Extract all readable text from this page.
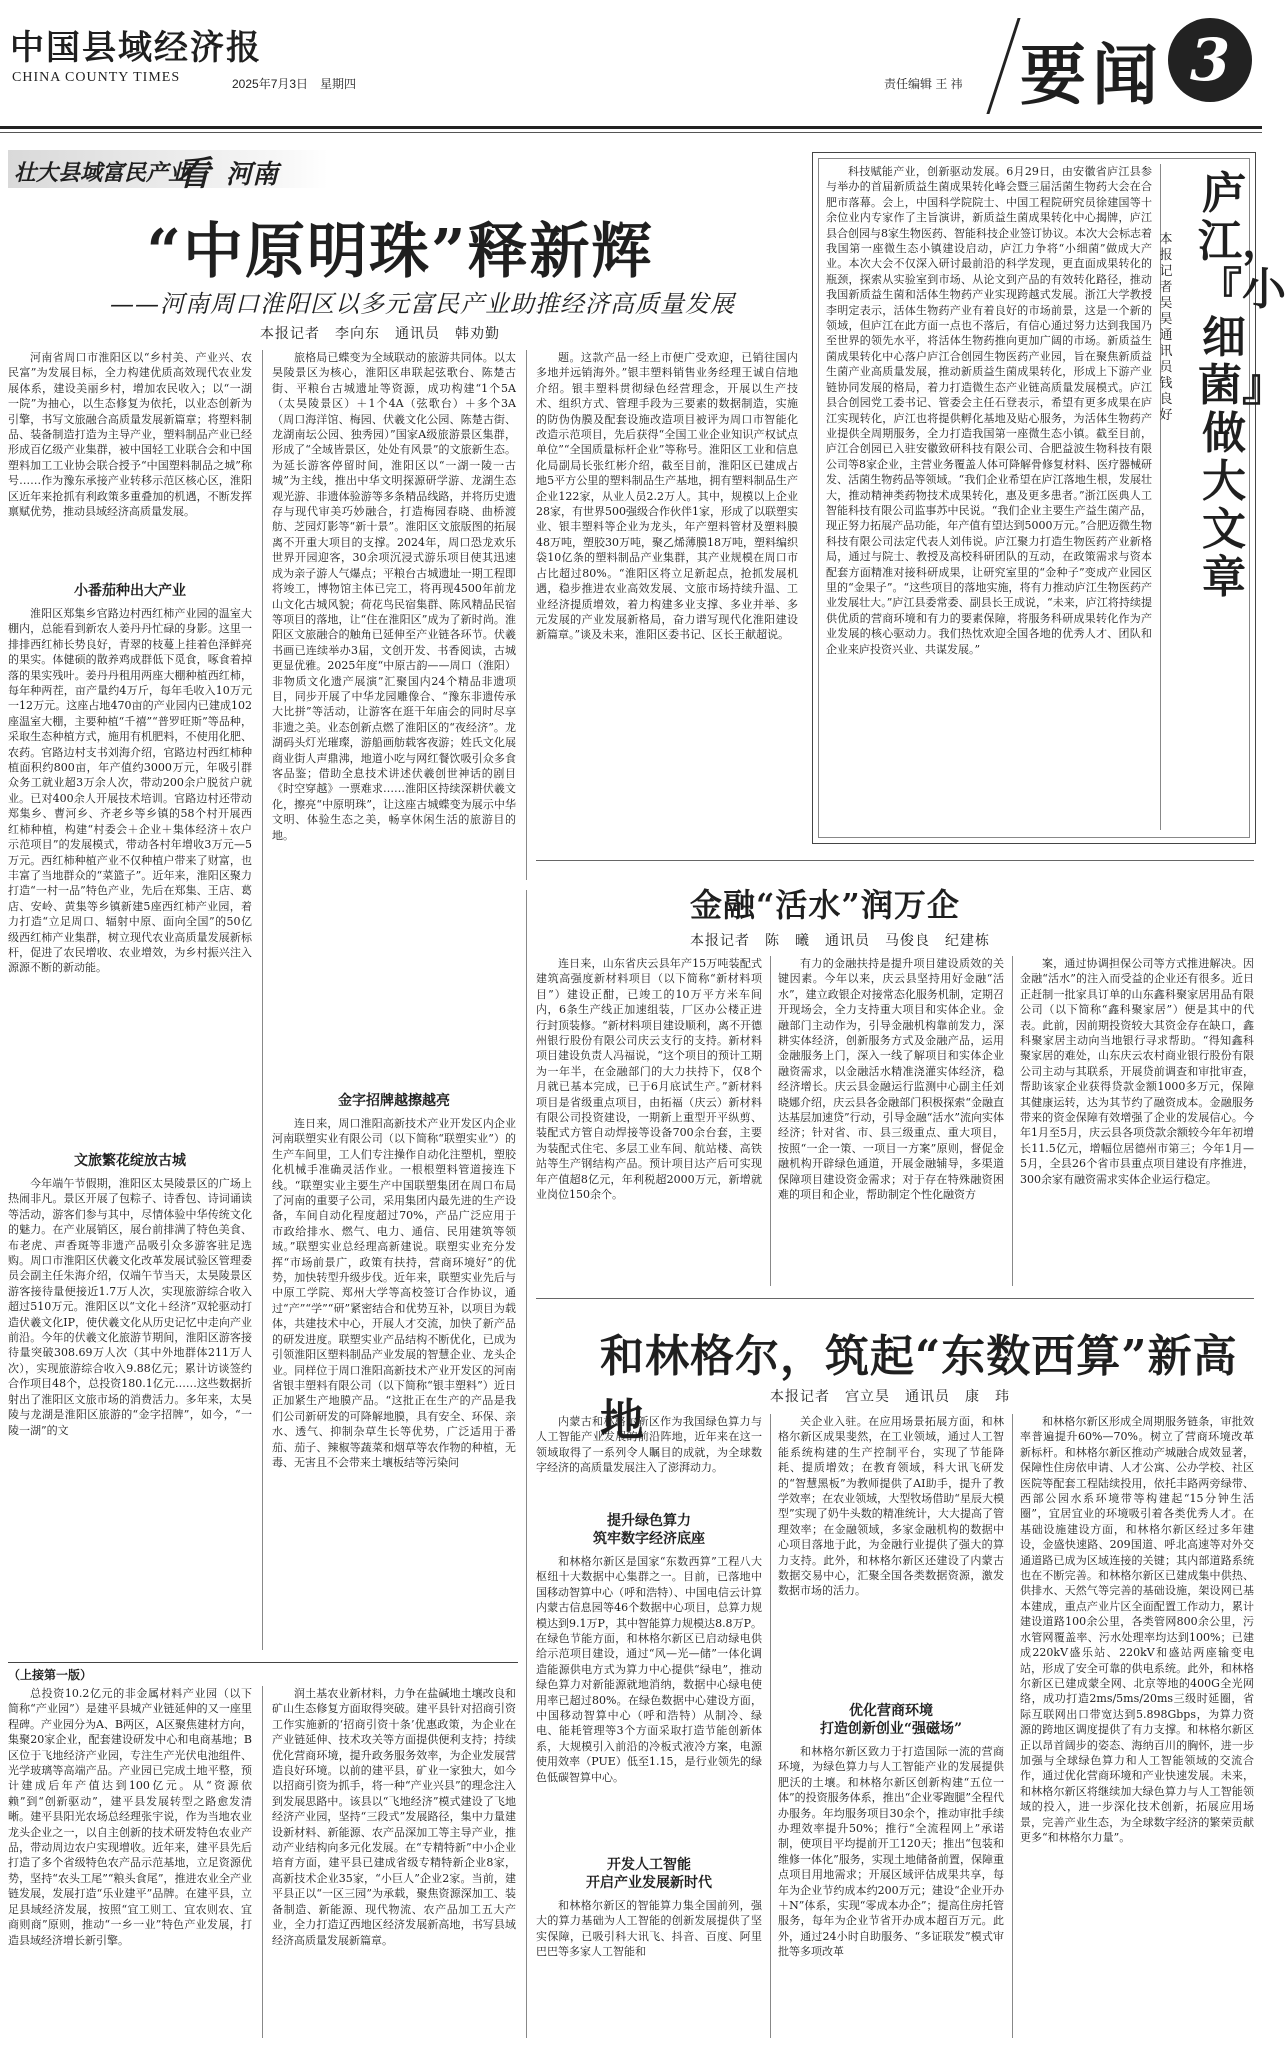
中国县域经济报
CHINA COUNTY TIMES	2025年7月3日　星期四	责任编辑 王 祎 要闻 3
壮大县域富民产业
看 河南
“中原明珠”释新辉
——河南周口淮阳区以多元富民产业助推经济高质量发展
本报记者　李向东　通讯员　韩劝勤
河南省周口市淮阳区以“乡村美、产业兴、农民富”为发展目标，全力构建优质高效现代农业发展体系，建设美丽乡村，增加农民收入；以“一湖一院”为抽心，以生态修复为依托，以业态创新为引擎，书写文旅融合高质量发展新篇章；将塑料制品、装备制造打造为主导产业，塑料制品产业已经形成百亿级产业集群，被中国轻工业联合会和中国塑料加工工业协会联合授予“中国塑料制品之城”称号……作为豫东承接产业转移示范区核心区，淮阳区近年来抢抓有利政策多重叠加的机遇，不断发挥禀赋优势，推动县域经济高质量发展。
小番茄种出大产业
淮阳区郑集乡官路边村西红柿产业园的温室大棚内，总能看到新农人姜丹丹忙碌的身影。这里一排排西红柿长势良好，青翠的枝蔓上挂着色泽鲜亮的果实。体健硕的散养鸡成群低下觅食，啄食着掉落的果实残叶。姜丹丹租用两座大棚种植西红柿，每年种两茬，亩产量约4万斤，每年毛收入10万元一12万元。这座占地470亩的产业园内已建成102座温室大棚，主要种植“千禧”“普罗旺斯”等品种，采取生态种植方式，施用有机肥料，不使用化肥、农药。官路边村支书刘海介绍，官路边村西红柿种植面积约800亩，年产值约3000万元，年吸引群众务工就业超3万余人次，带动200余户脱贫户就业。已对400余人开展技术培训。官路边村还带动郑集乡、曹河乡、齐老乡等乡镇的58个村开展西红柿种植，构建“村委会＋企业＋集体经济＋农户示范项目”的发展模式，带动各村年增收3万元—5万元。西红柿种植产业不仅种植户带来了财富，也丰富了当地群众的“菜篮子”。近年来，淮阳区聚力打造“一村一品”特色产业，先后在郑集、王店、葛店、安岭、黄集等乡镇新建5座西红柿产业园，着力打造“立足周口、辐射中原、面向全国”的50亿级西红柿产业集群，树立现代农业高质量发展新标杆，促进了农民增收、农业增效，为乡村振兴注入源源不断的新动能。
文旅繁花绽放古城
今年端午节假期，淮阳区太昊陵景区的广场上热闹非凡。景区开展了包粽子、诗香包、诗词诵读等活动，游客们参与其中，尽情体验中华传统文化的魅力。在产业展销区，展台前排满了特色美食、布老虎、声香斑等非遗产品吸引众多游客驻足选购。周口市淮阳区伏羲文化改革发展试验区管理委员会副主任朱海介绍，仅端午节当天，太昊陵景区游客接待量便接近1.7万人次，实现旅游综合收入超过510万元。淮阳区以“文化＋经济”双轮驱动打造伏羲文化IP，使伏羲文化从历史记忆中走向产业前沿。今年的伏羲文化旅游节期间，淮阳区游客接待量突破308.69万人次（其中外地群体211万人次），实现旅游综合收入9.88亿元；累计访谈签约合作项目48个，总投资180.1亿元……这些数据折射出了淮阳区文旅市场的消费活力。多年来，太昊陵与龙湖是淮阳区旅游的“金字招牌”，如今，“一陵一湖”的文
旅格局已蝶变为全域联动的旅游共同体。以太昊陵景区为核心，淮阳区串联起弦歌台、陈楚古街、平粮台古城遗址等资源，成功构建“1个5A（太昊陵景区）＋1个4A（弦歌台）＋多个3A（周口海洋馆、梅园、伏羲文化公园、陈楚古街、龙湖南坛公园、独秀园）”国家A级旅游景区集群，形成了“全域皆景区，处处有风景”的文旅新生态。为延长游客停留时间，淮阳区以“一湖一陵一古城”为主线，推出中华文明探源研学游、龙湖生态观光游、非遗体验游等多条精品线路，并将历史遗存与现代审美巧妙融合，打造梅园春晓、曲桥渡舫、芝园灯影等“新十景”。淮阳区文旅版图的拓展离不开重大项目的支撑。2024年，周口恐龙欢乐世界开园迎客，30余项沉浸式游乐项目使其迅速成为亲子游人气爆点；平粮台古城遗址一期工程即将竣工，博物馆主体已完工，将再现4500年前龙山文化古城风貌；荷花鸟民宿集群、陈风精品民宿等项目的落地，让“住在淮阳区”成为了新时尚。淮阳区文旅融合的触角已延伸至产业链各环节。伏羲书画已连续举办3届，文创开发、书香阅读，古城更显优雅。2025年度“中原古韵——周口（淮阳）非物质文化遗产展演”汇聚国内24个精品非遗项目，同步开展了中华龙园雕像合、“豫东非遗传承大比拼”等活动，让游客在逛干年庙会的同时尽享非遗之美。业态创新点燃了淮阳区的“夜经济”。龙湖码头灯光璀璨，游船画舫载客夜游；姓氏文化展商业街人声鼎沸，地道小吃与网红餐饮吸引众多食客品鉴；借助全息技术讲述伏羲创世神话的剧目《时空穿越》一票难求……淮阳区持续深耕伏羲文化，擦亮“中原明珠”，让这座古城蝶变为展示中华文明、体验生态之美，畅享休闲生活的旅游目的地。
金字招牌越擦越亮
连日来，周口淮阳高新技术产业开发区内企业河南联塑实业有限公司（以下简称“联塑实业”）的生产车间里，工人们专注操作自动化注塑机，塑胶化机械手准确灵活作业。一根根塑料管道接连下线。“联塑实业主要生产中国联塑集团在周口布局了河南的重要子公司，采用集团内最先进的生产设备，车间自动化程度超过70%，产品广泛应用于市政给排水、燃气、电力、通信、民用建筑等领域。”联塑实业总经理高新建说。联塑实业充分发挥“市场前景广，政策有扶持，营商环境好”的优势，加快转型升级步伐。近年来，联塑实业先后与中原工学院、郑州大学等高校签订合作协议，通过“产”“学”“研”紧密结合和优势互补，以项目为载体，共建技术中心，开展人才交流，加快了新产品的研发进度。联塑实业产品结构不断优化，已成为引领淮阳区塑料制品产业发展的智慧企业、龙头企业。同样位于周口淮阳高新技术产业开发区的河南省银丰塑料有限公司（以下简称“银丰塑料”）近日正加紧生产地膜产品。“这批正在生产的产品是我们公司新研发的可降解地膜，具有安全、环保、亲水、透气、抑制杂草生长等优势，广泛适用于番茄、茄子、辣椒等蔬菜和烟草等农作物的种植，无毒、无害且不会带来土壤板结等污染问
题。这款产品一经上市便广受欢迎，已销往国内多地并远销海外。”银丰塑料销售业务经理王诚自信地介绍。银丰塑料贯彻绿色经营理念，开展以生产技术、组织方式、管理手段为三要素的数据制造，实施的防伪伪膜及配套设施改造项目被评为周口市智能化改造示范项目，先后获得“全国工业企业知识产权试点单位”“全国质量标杆企业”等称号。淮阳区工业和信息化局副局长张红彬介绍，截至目前，淮阳区已建成占地5平方公里的塑料制品生产基地，拥有塑料制品生产企业122家，从业人员2.2万人。其中，规模以上企业28家，有世界500强级合作伙伴1家，形成了以联塑实业、银丰塑料等企业为龙头，年产塑料管材及塑料膜48万吨，塑胶30万吨，聚乙烯薄膜18万吨，塑料编织袋10亿条的塑料制品产业集群，其产业规模在周口市占比超过80%。“淮阳区将立足新起点，抢抓发展机遇，稳步推进农业高效发展、文旅市场持续升温、工业经济提质增效，着力构建多业支撑、多业并举、多元发展的产业发展新格局，奋力谱写现代化淮阳建设新篇章。”谈及未来，淮阳区委书记、区长王献超说。
科技赋能产业，创新驱动发展。6月29日，由安徽省庐江县参与举办的首届新质益生菌成果转化峰会暨三届活菌生物药大会在合肥市落幕。会上，中国科学院院士、中国工程院研究员徐建国等十余位业内专家作了主旨演讲，新质益生菌成果转化中心揭牌，庐江县合创园与8家生物医药、智能科技企业签订协议。本次大会标志着我国第一座微生态小镇建设启动，庐江力争将“小细菌”做成大产业。本次大会不仅深入研讨最前沿的科学发现，更直面成果转化的瓶颈，探索从实验室到市场、从论文到产品的有效转化路径，推动我国新质益生菌和活体生物药产业实现跨越式发展。浙江大学教授李明定表示，活体生物药产业有着良好的市场前景，这是一个新的领域，但庐江在此方面一点也不落后，有信心通过努力达到我国乃至世界的领先水平，将活体生物药推向更加广阔的市场。新质益生菌成果转化中心落户庐江合创园生物医药产业园，旨在聚焦新质益生菌产业高质量发展，推动新质益生菌成果转化，形成上下游产业链协同发展的格局，着力打造微生态产业链高质量发展模式。庐江县合创园党工委书记、管委会主任石登表示，希望有更多成果在庐江实现转化，庐江也将提供孵化基地及贴心服务，为活体生物药产业提供全周期服务，全力打造我国第一座微生态小镇。截至目前，庐江合创园已入驻安徽致研科技有限公司、合肥益波生物科技有限公司等8家企业，主营业务覆盖人体可降解骨修复材料、医疗器械研发、活菌生物药品等领域。“我们企业希望在庐江落地生根，发展壮大，推动精神类药物技术成果转化，惠及更多患者。”浙江医典人工智能科技有限公司监事苏中民说。“我们企业主要生产益生菌产品，现正努力拓展产品功能，年产值有望达到5000万元。”合肥迈微生物科技有限公司法定代表人刘伟说。庐江聚力打造生物医药产业新格局，通过与院士、教授及高校科研团队的互动，在政策需求与资本配套方面精准对接科研成果，让研究室里的“金种子”变成产业园区里的“金果子”。“这些项目的落地实施，将有力推动庐江生物医药产业发展壮大。”庐江县委常委、副县长王成说，“未来，庐江将持续提供优质的营商环境和有力的要素保障，将服务科研成果转化作为产业发展的核心驱动力。我们热忱欢迎全国各地的优秀人才、团队和企业来庐投资兴业、共谋发展。”
庐江，『小细菌』做大文章
本报记者　吴　昊　通讯员　钱良好
金融“活水”润万企
本报记者　陈　曦　通讯员　马俊良　纪建栋
连日来，山东省庆云县年产15万吨装配式建筑高强度新材料项目（以下简称“新材料项目”）建设正酣，已竣工的10万平方米车间内，6条生产线正加速组装，厂区办公楼正进行封顶装修。“新材料项目建设顺利，离不开德州银行股份有限公司庆云支行的支持。新材料项目建设负责人冯福说，“这个项目的预计工期为一年半，在金融部门的大力扶持下，仅8个月就已基本完成，已于6月底试生产。”新材料项目是省级重点项目，由拓福（庆云）新材料有限公司投资建设，一期新上重型开平纵剪、装配式方管自动焊接等设备700余台套，主要为装配式住宅、多层工业车间、航站楼、高铁站等生产钢结构产品。预计项目达产后可实现年产值超8亿元，年利税超2000万元，新增就业岗位150余个。
有力的金融扶持是提升项目建设质效的关键因素。今年以来，庆云县坚持用好金融“活水”，建立政银企对接常态化服务机制，定期召开现场会，全力支持重大项目和实体企业。金融部门主动作为，引导金融机构靠前发力，深耕实体经济，创新服务方式及金融产品，运用金融服务上门，深入一线了解项目和实体企业融资需求，以金融活水精准浇灌实体经济，稳经济增长。庆云县金融运行监测中心副主任刘晓娜介绍，庆云县各金融部门积极探索“金融直达基层加速贷”行动，引导金融“活水”流向实体经济；针对省、市、县三级重点、重大项目，按照“一企一策、一项目一方案”原则，督促金融机构开辟绿色通道，开展金融辅导，多渠道保障项目建设资金需求；对于存在特殊融资困难的项目和企业，帮助制定个性化融资方
案，通过协调担保公司等方式推进解决。因金融“活水”的注入而受益的企业还有很多。近日正赶制一批家具订单的山东鑫科聚家居用品有限公司（以下简称“鑫科聚家居”）便是其中的代表。此前，因前期投资较大其资金存在缺口，鑫科聚家居主动向当地银行寻求帮助。“得知鑫科聚家居的难处，山东庆云农村商业银行股份有限公司主动与其联系，开展贷前调查和审批审查，帮助该家企业获得贷款金额1000多万元，保障其健康运转，达为其节约了融资成本。金融服务带来的资金保障有效增强了企业的发展信心。今年1月至5月，庆云县各项贷款余额较今年年初增长11.5亿元，增幅位居德州市第三；今年1月—5月，全县26个省市县重点项目建设有序推进，300余家有融资需求实体企业运行稳定。
和林格尔，筑起“东数西算”新高地	本报记者　宫立昊　通讯员　康　玮
内蒙古和林格尔新区作为我国绿色算力与人工智能产业发展的前沿阵地，近年来在这一领域取得了一系列令人瞩目的成就，为全球数字经济的高质量发展注入了澎湃动力。
提升绿色算力
筑牢数字经济底座
和林格尔新区是国家“东数西算”工程八大枢纽十大数据中心集群之一。目前，已落地中国移动智算中心（呼和浩特）、中国电信云计算内蒙古信息园等46个数据中心项目，总算力规模达到9.1万P，其中智能算力规模达8.8万P。在绿色节能方面，和林格尔新区已启动绿电供给示范项目建设，通过“风—光—储”一体化调造能源供电方式为算力中心提供“绿电”，推动绿色算力对新能源就地消纳，数据中心绿电使用率已超过80%。在绿色数据中心建设方面，中国移动智算中心（呼和浩特）从制冷、绿电、能耗管理等3个方面采取打造节能创新体系，大规模引入前沿的冷板式液冷方案，电源使用效率（PUE）低至1.15，是行业领先的绿色低碳智算中心。
开发人工智能
开启产业发展新时代
和林格尔新区的智能算力集全国前列，强大的算力基础为人工智能的创新发展提供了坚实保障，已吸引科大讯飞、抖音、百度、阿里巴巴等多家人工智能和
关企业入驻。在应用场景拓展方面，和林格尔新区成果斐然，在工业领域，通过人工智能系统构建的生产控制平台，实现了节能降耗、提质增效；在教育领域，科大讯飞研发的“智慧黑板”为教师提供了AI助手，提升了教学效率；在农业领域，大型牧场借助“星辰大模型”实现了奶牛头数的精准统计，大大提高了管理效率；在金融领域，多家金融机构的数据中心项目落地于此，为金融行业提供了强大的算力支持。此外，和林格尔新区还建设了内蒙古数据交易中心，汇聚全国各类数据资源，激发数据市场的活力。
优化营商环境
打造创新创业“强磁场”
和林格尔新区致力于打造国际一流的营商环境，为绿色算力与人工智能产业的发展提供肥沃的土壤。和林格尔新区创新构建“五位一体”的投资服务体系，推出“企业零跑腿”全程代办服务。年均服务项目30余个，推动审批手续办理效率提升50%；推行“全流程网上”承诺制，使项目平均提前开工120天；推出“包装和维修一体化”服务，实现土地储备前置，保障重点项目用地需求；开展区域评估成果共享，每年为企业节约成本约200万元；建设“企业开办＋N”体系，实现“零成本办企”；提高住房托管服务，每年为企业节省开办成本超百万元。此外，通过24小时自助服务、“多证联发”模式审批等多项改革
和林格尔新区形成全周期服务链条，审批效率普遍提升60%—70%。树立了营商环境改革新标杆。和林格尔新区推动产城融合成效显著，保障性住房依申请、人才公寓、公办学校、社区医院等配套工程陆续投用，依托丰路两旁绿带、西部公园水系环境带等构建起“15分钟生活圈”，宜居宜业的环境吸引着各类优秀人才。在基础设施建设方面，和林格尔新区经过多年建设，金盛快速路、209国道、呼北高速等对外交通道路已成为区域连接的关键；其内部道路系统也在不断完善。和林格尔新区已建成集中供热、供排水、天然气等完善的基础设施，架设网已基本建成，重点产业片区全面配置工作动力，累计建设道路100余公里，各类管网800余公里，污水管网覆盖率、污水处理率均达到100%；已建成220kV盛乐站、220kV和盛站两座输变电站，形成了安全可靠的供电系统。此外，和林格尔新区已建成蒙全网、北京等地的400G全光网络，成功打造2ms/5ms/20ms三级时延圈，省际互联网出口带宽达到5.898Gbps，为算力资源的跨地区调度提供了有力支撑。和林格尔新区正以昂首阔步的姿态、海纳百川的胸怀，进一步加强与全球绿色算力和人工智能领域的交流合作，通过优化营商环境和产业快速发展。未来，和林格尔新区将继续加大绿色算力与人工智能领域的投入，进一步深化技术创新，拓展应用场景，完善产业生态，为全球数字经济的繁荣贡献更多“和林格尔力量”。
（上接第一版）
总投资10.2亿元的非金属材料产业园（以下简称“产业园”）是建平县城产业链延伸的又一座里程碑。产业园分为A、B两区，A区聚焦建材方向，集聚20家企业，配套建设研发中心和电商基地；B区位于飞地经济产业园，专注生产光伏电池组件、光学玻璃等高端产品。产业园已完成土地平整，预计建成后年产值达到100亿元。从“资源依赖”到“创新驱动”，建平县发展转型之路愈发清晰。建平县阳光农场总经理张宇说，作为当地农业龙头企业之一，以自主创新的技术研发特色农业产品，带动周边农户实现增收。近年来，建平县先后打造了多个省级特色农产品示范基地，立足资源优势，坚持“农头工尾”“粮头食尾”，推进农业全产业链发展，发展打造“乐业建平”品牌。在建平县，立足县域经济发展，按照“宜工则工、宜农则农、宜商则商”原则，推动“一乡一业”特色产业发展，打造县域经济增长新引擎。
润土基农业新材料，力争在盐碱地土壤改良和矿山生态修复方面取得突破。建平县针对招商引资工作实施新的‘招商引资十条’优惠政策，为企业在产业链延伸、技术攻关等方面提供便利支持；持续优化营商环境，提升政务服务效率，为企业发展营造良好环境。以前的建平县，矿业一家独大，如今以招商引资为抓手，将一种“产业兴县”的理念注入到发展思路中。该县以“飞地经济”模式建设了飞地经济产业园，坚持“三段式”发展路径，集中力量建设新材料、新能源、农产品深加工等主导产业，推动产业结构向多元化发展。在“专精特新”中小企业培育方面，建平县已建成省级专精特新企业8家，高新技术企业35家，“小巨人”企业2家。当前，建平县正以“一区三园”为承载，聚焦资源深加工、装备制造、新能源、现代物流、农产品加工五大产业，全力打造辽西地区经济发展新高地，书写县域经济高质量发展新篇章。
